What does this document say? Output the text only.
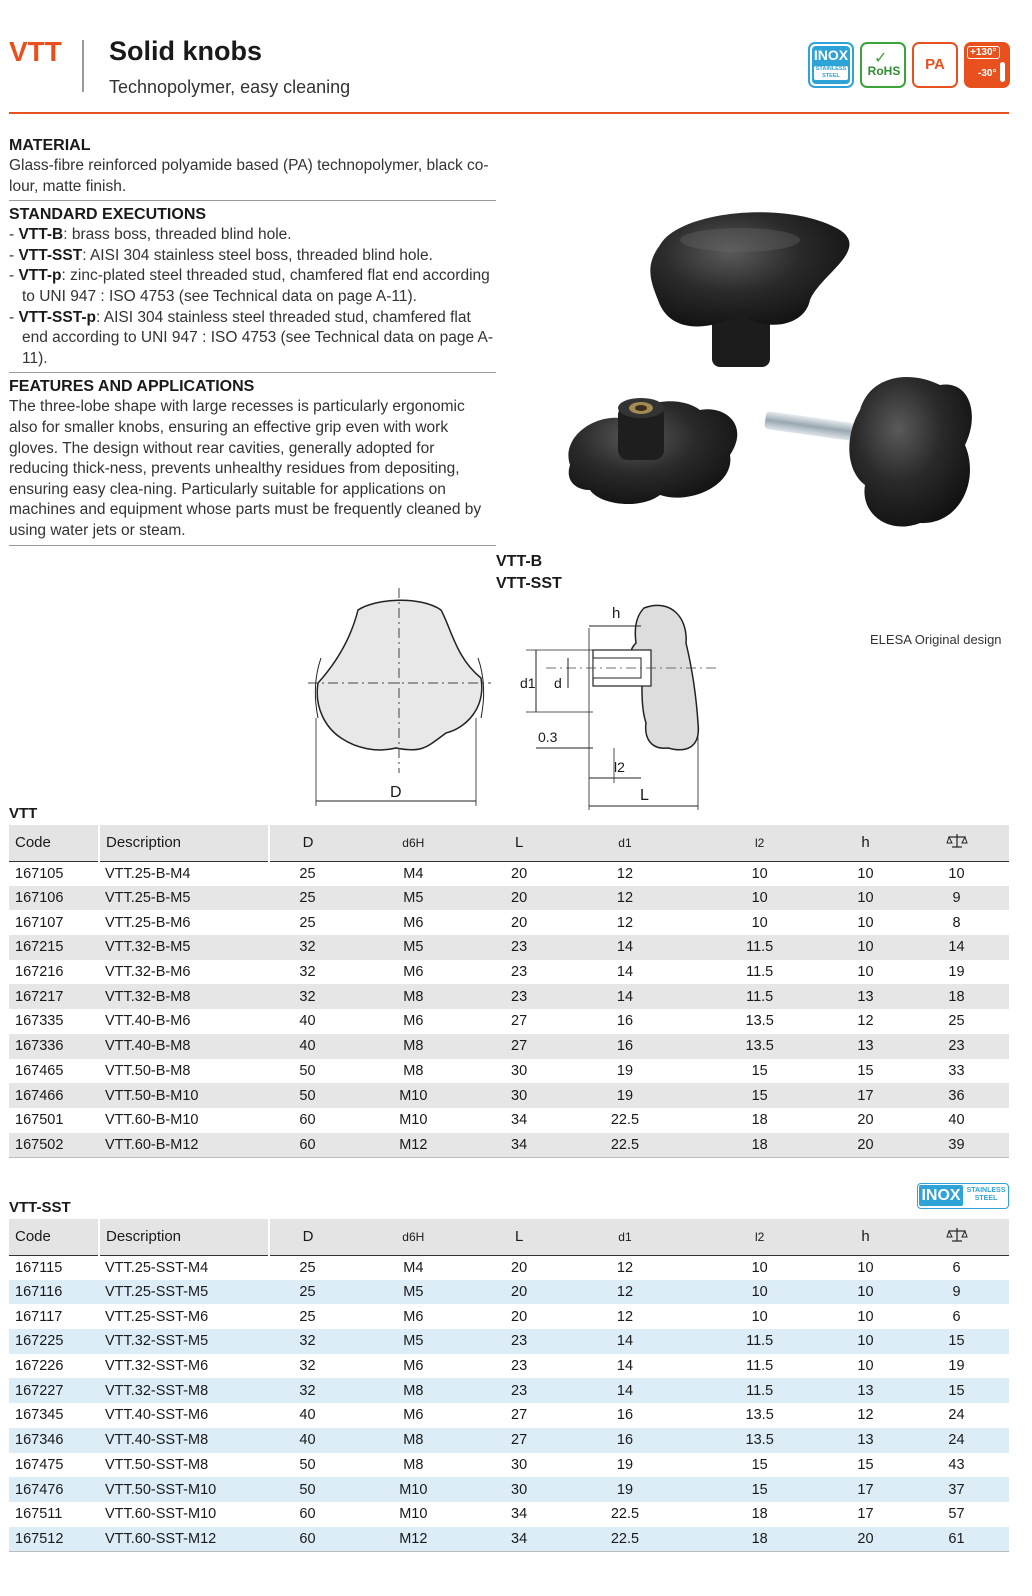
VTT Solid knobs
Technopolymer, easy cleaning
INOX
STAINLESS STEEL
✓
RoHS	PA
+130°
-30°
MATERIAL
Glass-fibre reinforced polyamide based (PA) technopolymer, black co-lour, matte finish.
STANDARD EXECUTIONS
- VTT-B: brass boss, threaded blind hole.
- VTT-SST: AISI 304 stainless steel boss, threaded blind hole.
- VTT-p: zinc-plated steel threaded stud, chamfered flat end according to UNI 947 : ISO 4753 (see Technical data on page A-11).
- VTT-SST-p: AISI 304 stainless steel threaded stud, chamfered flat end according to UNI 947 : ISO 4753 (see Technical data on page A-11).
FEATURES AND APPLICATIONS
The three-lobe shape with large recesses is particularly ergonomic also for smaller knobs, ensuring an effective grip even with work gloves. The design without rear cavities, generally adopted for reducing thick-ness, prevents unhealthy residues from depositing, ensuring easy clea-ning. Particularly suitable for applications on machines and equipment whose parts must be frequently cleaned by using water jets or steam.
VTT-B
VTT-SST
D
h
d1 d
0.3
l2
L
ELESA Original design
VTT
Code	Description	D	d6H	L	d1	l2	h	
167105	VTT.25-B-M4	25	M4	20	12	10	10	10
167106	VTT.25-B-M5	25	M5	20	12	10	10	9
167107	VTT.25-B-M6	25	M6	20	12	10	10	8
167215	VTT.32-B-M5	32	M5	23	14	11.5	10	14
167216	VTT.32-B-M6	32	M6	23	14	11.5	10	19
167217	VTT.32-B-M8	32	M8	23	14	11.5	13	18
167335	VTT.40-B-M6	40	M6	27	16	13.5	12	25
167336	VTT.40-B-M8	40	M8	27	16	13.5	13	23
167465	VTT.50-B-M8	50	M8	30	19	15	15	33
167466	VTT.50-B-M10	50	M10	30	19	15	17	36
167501	VTT.60-B-M10	60	M10	34	22.5	18	20	40
167502	VTT.60-B-M12	60	M12	34	22.5	18	20	39
VTT-SST
INOX STAINLESS
STEEL
Code	Description	D	d6H	L	d1	l2	h	
167115	VTT.25-SST-M4	25	M4	20	12	10	10	6
167116	VTT.25-SST-M5	25	M5	20	12	10	10	9
167117	VTT.25-SST-M6	25	M6	20	12	10	10	6
167225	VTT.32-SST-M5	32	M5	23	14	11.5	10	15
167226	VTT.32-SST-M6	32	M6	23	14	11.5	10	19
167227	VTT.32-SST-M8	32	M8	23	14	11.5	13	15
167345	VTT.40-SST-M6	40	M6	27	16	13.5	12	24
167346	VTT.40-SST-M8	40	M8	27	16	13.5	13	24
167475	VTT.50-SST-M8	50	M8	30	19	15	15	43
167476	VTT.50-SST-M10	50	M10	30	19	15	17	37
167511	VTT.60-SST-M10	60	M10	34	22.5	18	17	57
167512	VTT.60-SST-M12	60	M12	34	22.5	18	20	61
